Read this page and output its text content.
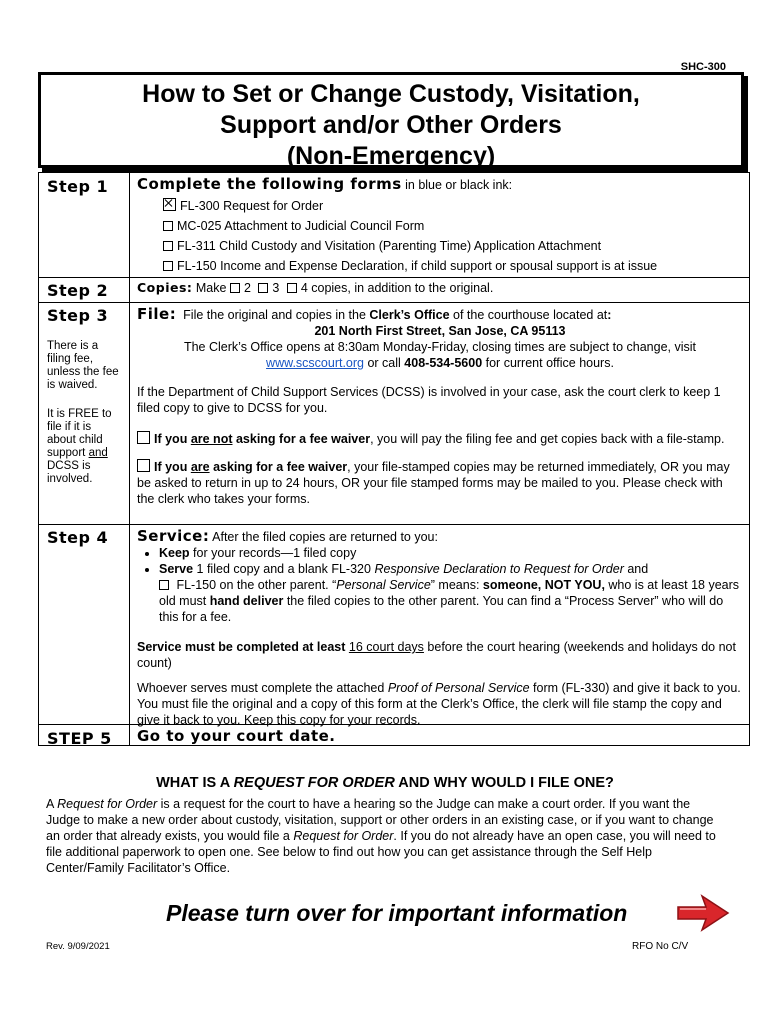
SHC-300
How to Set or Change Custody, Visitation,
Support and/or Other Orders
(Non-Emergency)
Step 1 Complete the following forms in blue or black ink:
FL-300 Request for Order
MC-025 Attachment to Judicial Council Form
FL-311 Child Custody and Visitation (Parenting Time) Application Attachment
FL-150 Income and Expense Declaration, if child support or spousal support is at issue
Step 2 Copies: Make 2 3 4 copies, in addition to the original.
Step 3
There is a filing fee, unless the fee is waived.
It is FREE to file if it is about child support and DCSS is involved.
File: File the original and copies in the Clerk’s Office of the courthouse located at:
201 North First Street, San Jose, CA 95113
The Clerk’s Office opens at 8:30am Monday-Friday, closing times are subject to change, visit
www.scscourt.org or call 408-534-5600 for current office hours.
If the Department of Child Support Services (DCSS) is involved in your case, ask the court clerk to keep 1 filed copy to give to DCSS for you.
If you are not asking for a fee waiver, you will pay the filing fee and get copies back with a file-stamp.
If you are asking for a fee waiver, your file-stamped copies may be returned immediately, OR you may be asked to return in up to 24 hours, OR your file stamped forms may be mailed to you. Please check with the clerk who takes your forms.
Step 4 Service: After the filed copies are returned to you:
• Keep for your records—1 filed copy
• Serve 1 filed copy and a blank FL-320 Responsive Declaration to Request for Order and
FL-150 on the other parent. “Personal Service” means: someone, NOT YOU, who is at least 18 years old must hand deliver the filed copies to the other parent. You can find a “Process Server” who will do this for a fee.
Service must be completed at least 16 court days before the court hearing (weekends and holidays do not count)
Whoever serves must complete the attached Proof of Personal Service form (FL-330) and give it back to you. You must file the original and a copy of this form at the Clerk’s Office, the clerk will file stamp the copy and give it back to you. Keep this copy for your records.
STEP 5 Go to your court date.
WHAT IS A REQUEST FOR ORDER AND WHY WOULD I FILE ONE?
A Request for Order is a request for the court to have a hearing so the Judge can make a court order. If you want the Judge to make a new order about custody, visitation, support or other orders in an existing case, or if you want to change an order that already exists, you would file a Request for Order. If you do not already have an open case, you will need to file additional paperwork to open one. See below to find out how you can get assistance through the Self Help Center/Family Facilitator’s Office.
Please turn over for important information
Rev. 9/09/2021	RFO No C/V
